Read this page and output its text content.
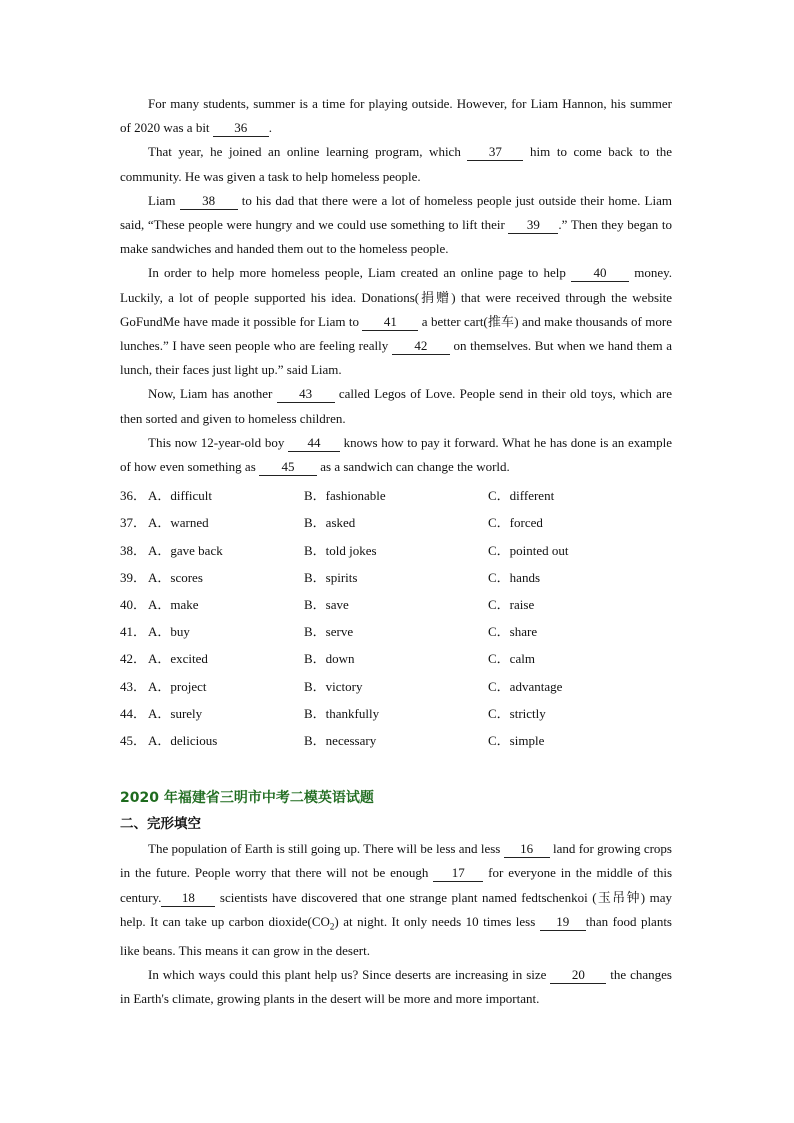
For many students, summer is a time for playing outside. However, for Liam Hannon, his summer of 2020 was a bit 36 .

That year, he joined an online learning program, which 37 him to come back to the community. He was given a task to help homeless people.

Liam 38 to his dad that there were a lot of homeless people just outside their home. Liam said, “These people were hungry and we could use something to lift their 39 .” Then they began to make sandwiches and handed them out to the homeless people.

In order to help more homeless people, Liam created an online page to help 40 money. Luckily, a lot of people supported his idea. Donations(捐赠) that were received through the website GoFundMe have made it possible for Liam to 41 a better cart(推车) and make thousands of more lunches.” I have seen people who are feeling really 42 on themselves. But when we hand them a lunch, their faces just light up.” said Liam.

Now, Liam has another 43 called Legos of Love. People send in their old toys, which are then sorted and given to homeless children.

This now 12-year-old boy 44 knows how to pay it forward. What he has done is an example of how even something as 45 as a sandwich can change the world.

36． A．difficult	B．fashionable	C．different
37． A．warned	B．asked	C．forced
38． A．gave back	B．told jokes	C．pointed out
39． A．scores	B．spirits	C．hands
40． A．make	B．save	C．raise
41． A．buy	B．serve	C．share
42． A．excited	B．down	C．calm
43． A．project	B．victory	C．advantage
44． A．surely	B．thankfully	C．strictly
45． A．delicious	B．necessary	C．simple
2020 年福建省三明市中考二模英语试题
二、完形填空

The population of Earth is still going up. There will be less and less 16 land for growing crops in the future. People worry that there will not be enough 17 for everyone in the middle of this century. 18 scientists have discovered that one strange plant named fedtschenkoi (玉吊钟) may help. It can take up carbon $dioxide(CO_2)$ at night. It only needs 10 times less 19 than food plants like beans. This means it can grow in the desert.

In which ways could this plant help us? Since deserts are increasing in size 20 the changes in Earth's climate, growing plants in the desert will be more and more important.
